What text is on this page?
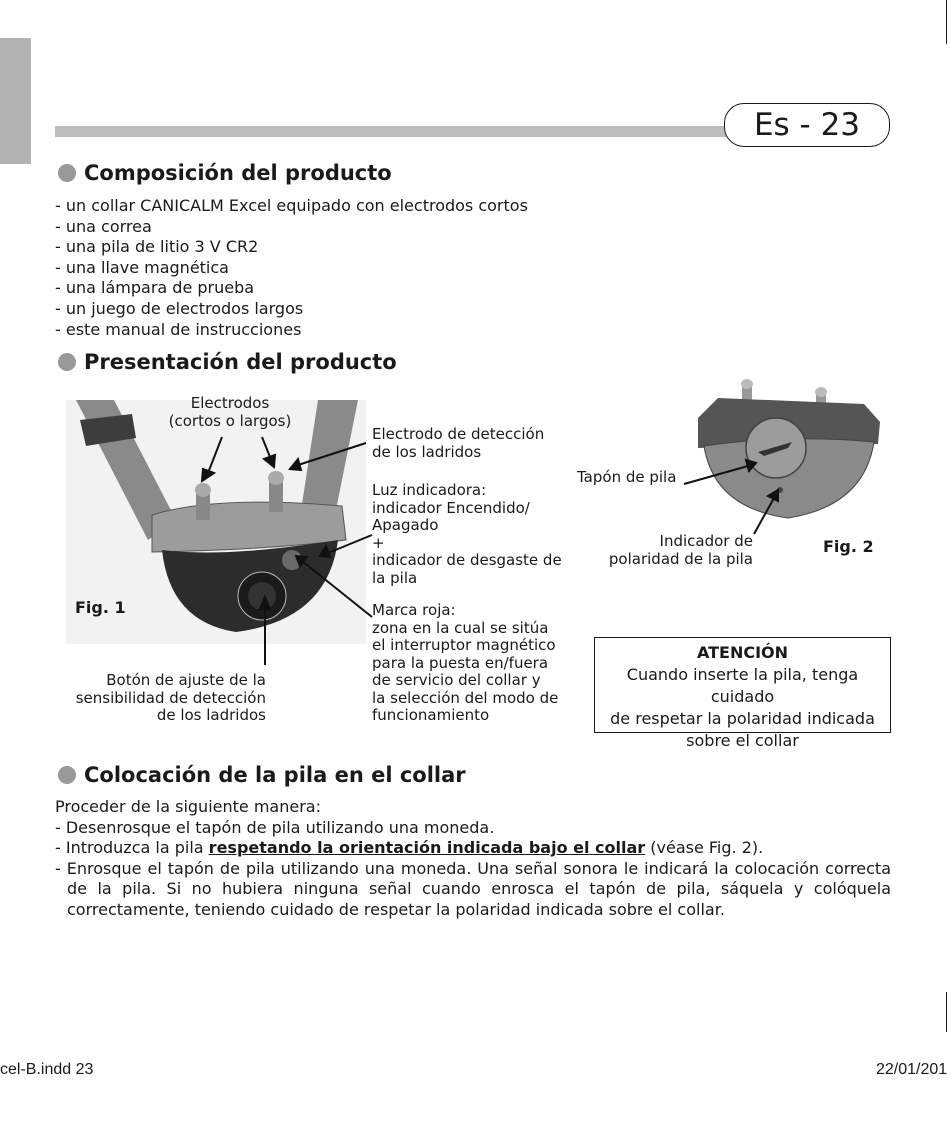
Es - 23
Composición del producto
- un collar CANICALM Excel equipado con electrodos cortos
- una correa
- una pila de litio 3 V CR2
- una llave magnética
- una lámpara de prueba
- un juego de electrodos largos
- este manual de instrucciones
Presentación del producto
Electrodos
(cortos o largos)
Electrodo de detección
de los ladridos
Luz indicadora:
indicador Encendido/
Apagado
+
indicador de desgaste de
la pila
Marca roja:
zona en la cual se sitúa
el interruptor magnético
para la puesta en/fuera
de servicio del collar y
la selección del modo de
funcionamiento
Botón de ajuste de la
sensibilidad de detección
de los ladridos
Fig. 1
Tapón de pila
Indicador de
polaridad de la pila
Fig. 2
ATENCIÓN
Cuando inserte la pila, tenga cuidado
de respetar la polaridad indicada
sobre el collar
Colocación de la pila en el collar

Proceder de la siguiente manera:

- Desenrosque el tapón de pila utilizando una moneda.

- Introduzca la pila respetando la orientación indicada bajo el collar (véase Fig. 2).

- Enrosque el tapón de pila utilizando una moneda. Una señal sonora le indicará la colocación correcta de la pila. Si no hubiera ninguna señal cuando enrosca el tapón de pila, sáquela y colóquela correctamente, teniendo cuidado de respetar la polaridad indicada sobre el collar.

cel-B.indd 23	22/01/201
